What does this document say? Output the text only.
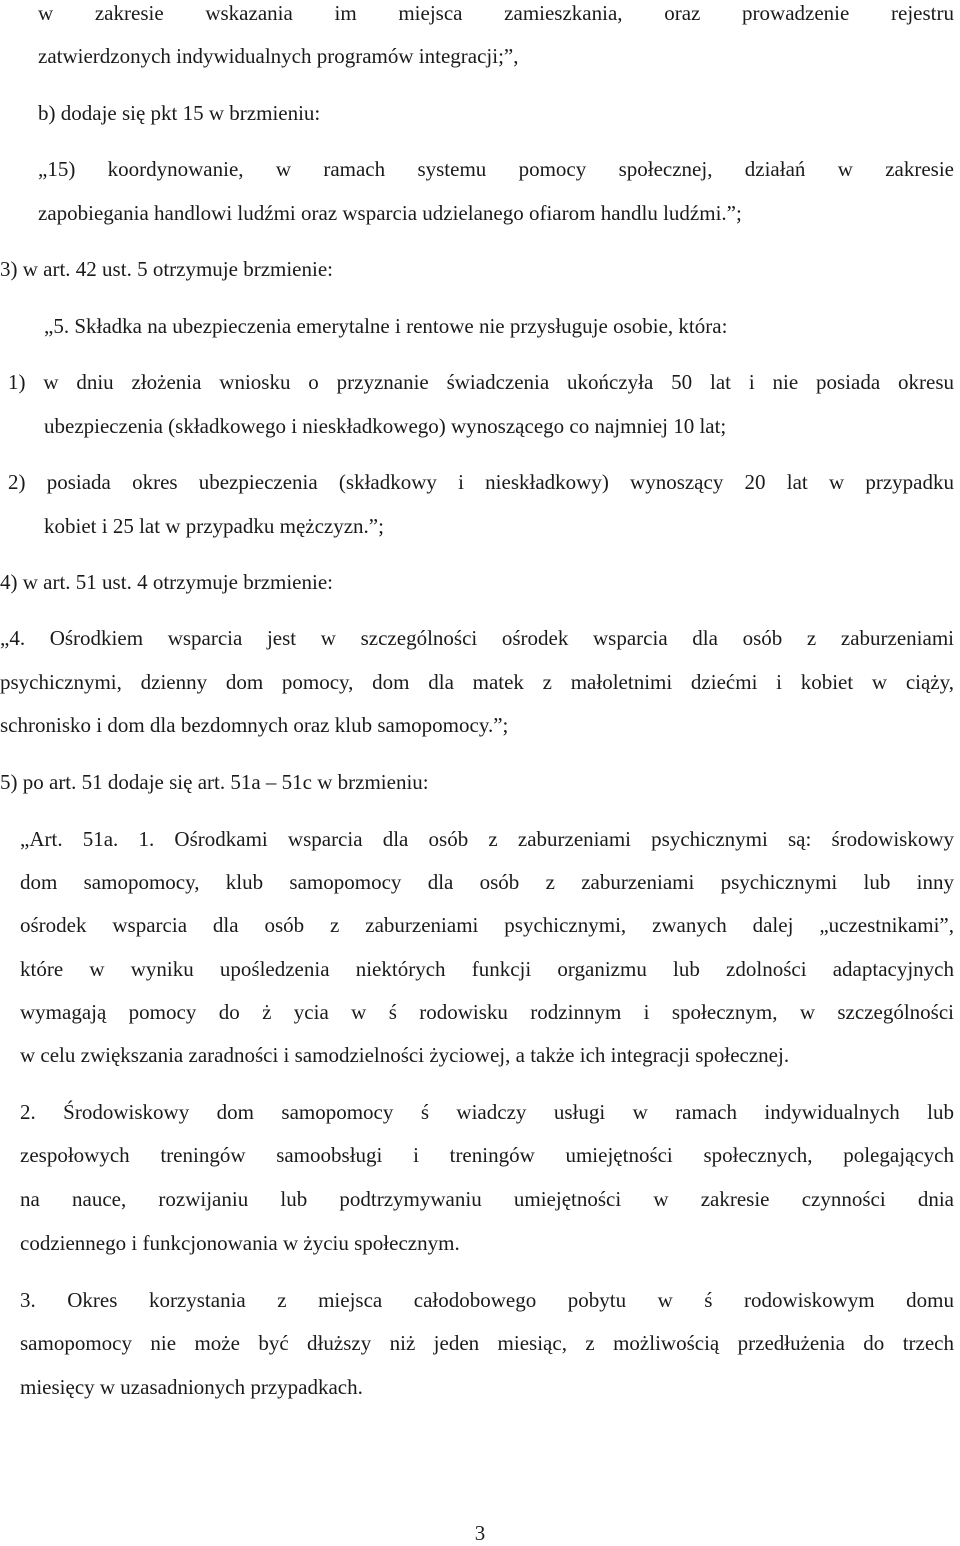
w zakresie wskazania im miejsca zamieszkania, oraz prowadzenie rejestru

zatwierdzonych indywidualnych programów integracji;”,

b) dodaje się pkt 15 w brzmieniu:

„15) koordynowanie, w ramach systemu pomocy społecznej, działań w zakresie

zapobiegania handlowi ludźmi oraz wsparcia udzielanego ofiarom handlu ludźmi.”;

3) w art. 42 ust. 5 otrzymuje brzmienie:

„5. Składka na ubezpieczenia emerytalne i rentowe nie przysługuje osobie, która:

1) w dniu złożenia wniosku o przyznanie świadczenia ukończyła 50 lat i nie posiada okresu

ubezpieczenia (składkowego i nieskładkowego) wynoszącego co najmniej 10 lat;

2) posiada okres ubezpieczenia (składkowy i nieskładkowy) wynoszący 20 lat w przypadku

kobiet i 25 lat w przypadku mężczyzn.”;

4) w art. 51 ust. 4 otrzymuje brzmienie:

„4. Ośrodkiem wsparcia jest w szczególności ośrodek wsparcia dla osób z zaburzeniami

psychicznymi, dzienny dom pomocy, dom dla matek z małoletnimi dziećmi i kobiet w ciąży,

schronisko i dom dla bezdomnych oraz klub samopomocy.”;

5) po art. 51 dodaje się art. 51a – 51c w brzmieniu:

„Art. 51a. 1. Ośrodkami wsparcia dla osób z zaburzeniami psychicznymi są: środowiskowy

dom samopomocy, klub samopomocy dla osób z zaburzeniami psychicznymi lub inny

ośrodek wsparcia dla osób z zaburzeniami psychicznymi, zwanych dalej „uczestnikami”,

które w wyniku upośledzenia niektórych funkcji organizmu lub zdolności adaptacyjnych

wymagają pomocy do ż ycia w ś rodowisku rodzinnym i społecznym, w szczególności

w celu zwiększania zaradności i samodzielności życiowej, a także ich integracji społecznej.

2. Środowiskowy dom samopomocy ś wiadczy usługi w ramach indywidualnych lub

zespołowych treningów samoobsługi i treningów umiejętności społecznych, polegających

na nauce, rozwijaniu lub podtrzymywaniu umiejętności w zakresie czynności dnia

codziennego i funkcjonowania w życiu społecznym.

3. Okres korzystania z miejsca całodobowego pobytu w ś rodowiskowym domu

samopomocy nie może być dłuższy niż jeden miesiąc, z możliwością przedłużenia do trzech

miesięcy w uzasadnionych przypadkach.

3
